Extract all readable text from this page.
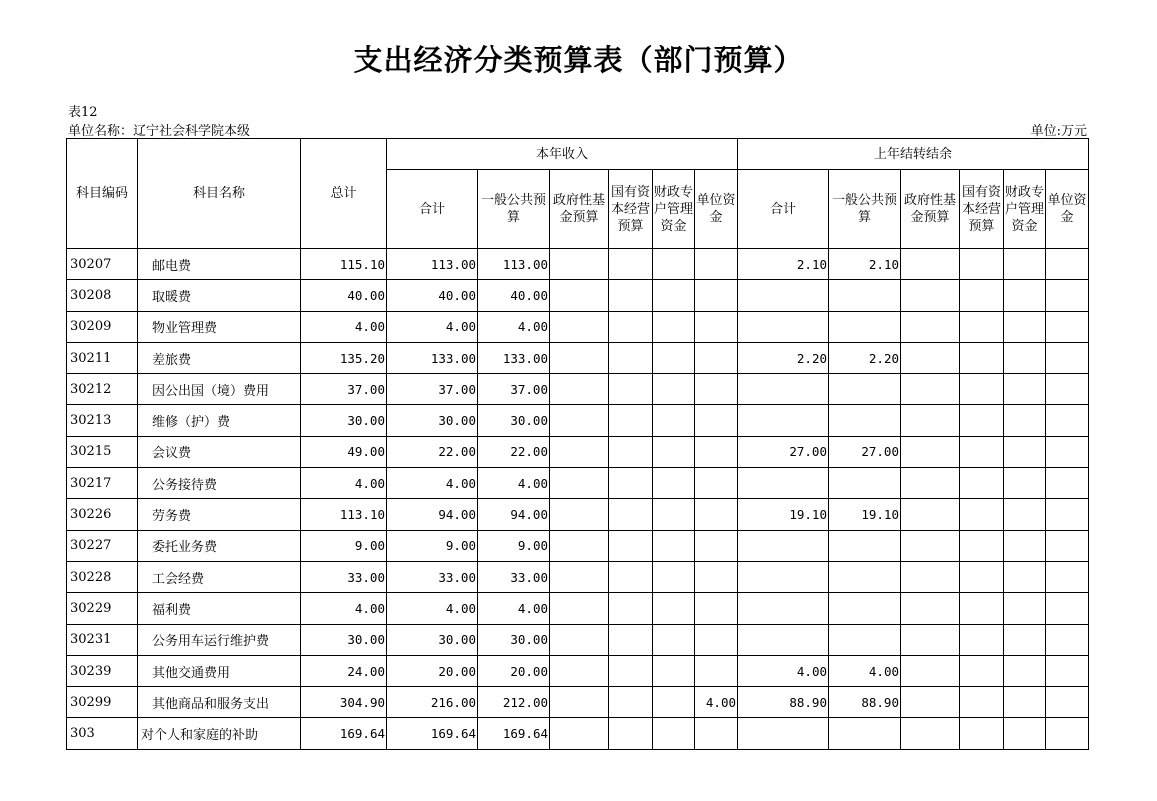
支出经济分类预算表（部门预算）
表12
单位名称：辽宁社会科学院本级	单位:万元
科目编码	科目名称	总计	本年收入						上年结转结余					
			合计	一般公共预算	政府性基金预算	国有资本经营预算	财政专户管理资金	单位资金	合计	一般公共预算	政府性基金预算	国有资本经营预算	财政专户管理资金	单位资金
30207	邮电费	115.10	113.00	113.00					2.10	2.10				
30208	取暖费	40.00	40.00	40.00										
30209	物业管理费	4.00	4.00	4.00										
30211	差旅费	135.20	133.00	133.00					2.20	2.20				
30212	因公出国（境）费用	37.00	37.00	37.00										
30213	维修（护）费	30.00	30.00	30.00										
30215	会议费	49.00	22.00	22.00					27.00	27.00				
30217	公务接待费	4.00	4.00	4.00										
30226	劳务费	113.10	94.00	94.00					19.10	19.10				
30227	委托业务费	9.00	9.00	9.00										
30228	工会经费	33.00	33.00	33.00										
30229	福利费	4.00	4.00	4.00										
30231	公务用车运行维护费	30.00	30.00	30.00										
30239	其他交通费用	24.00	20.00	20.00					4.00	4.00				
30299	其他商品和服务支出	304.90	216.00	212.00				4.00	88.90	88.90				
303	对个人和家庭的补助	169.64	169.64	169.64										
